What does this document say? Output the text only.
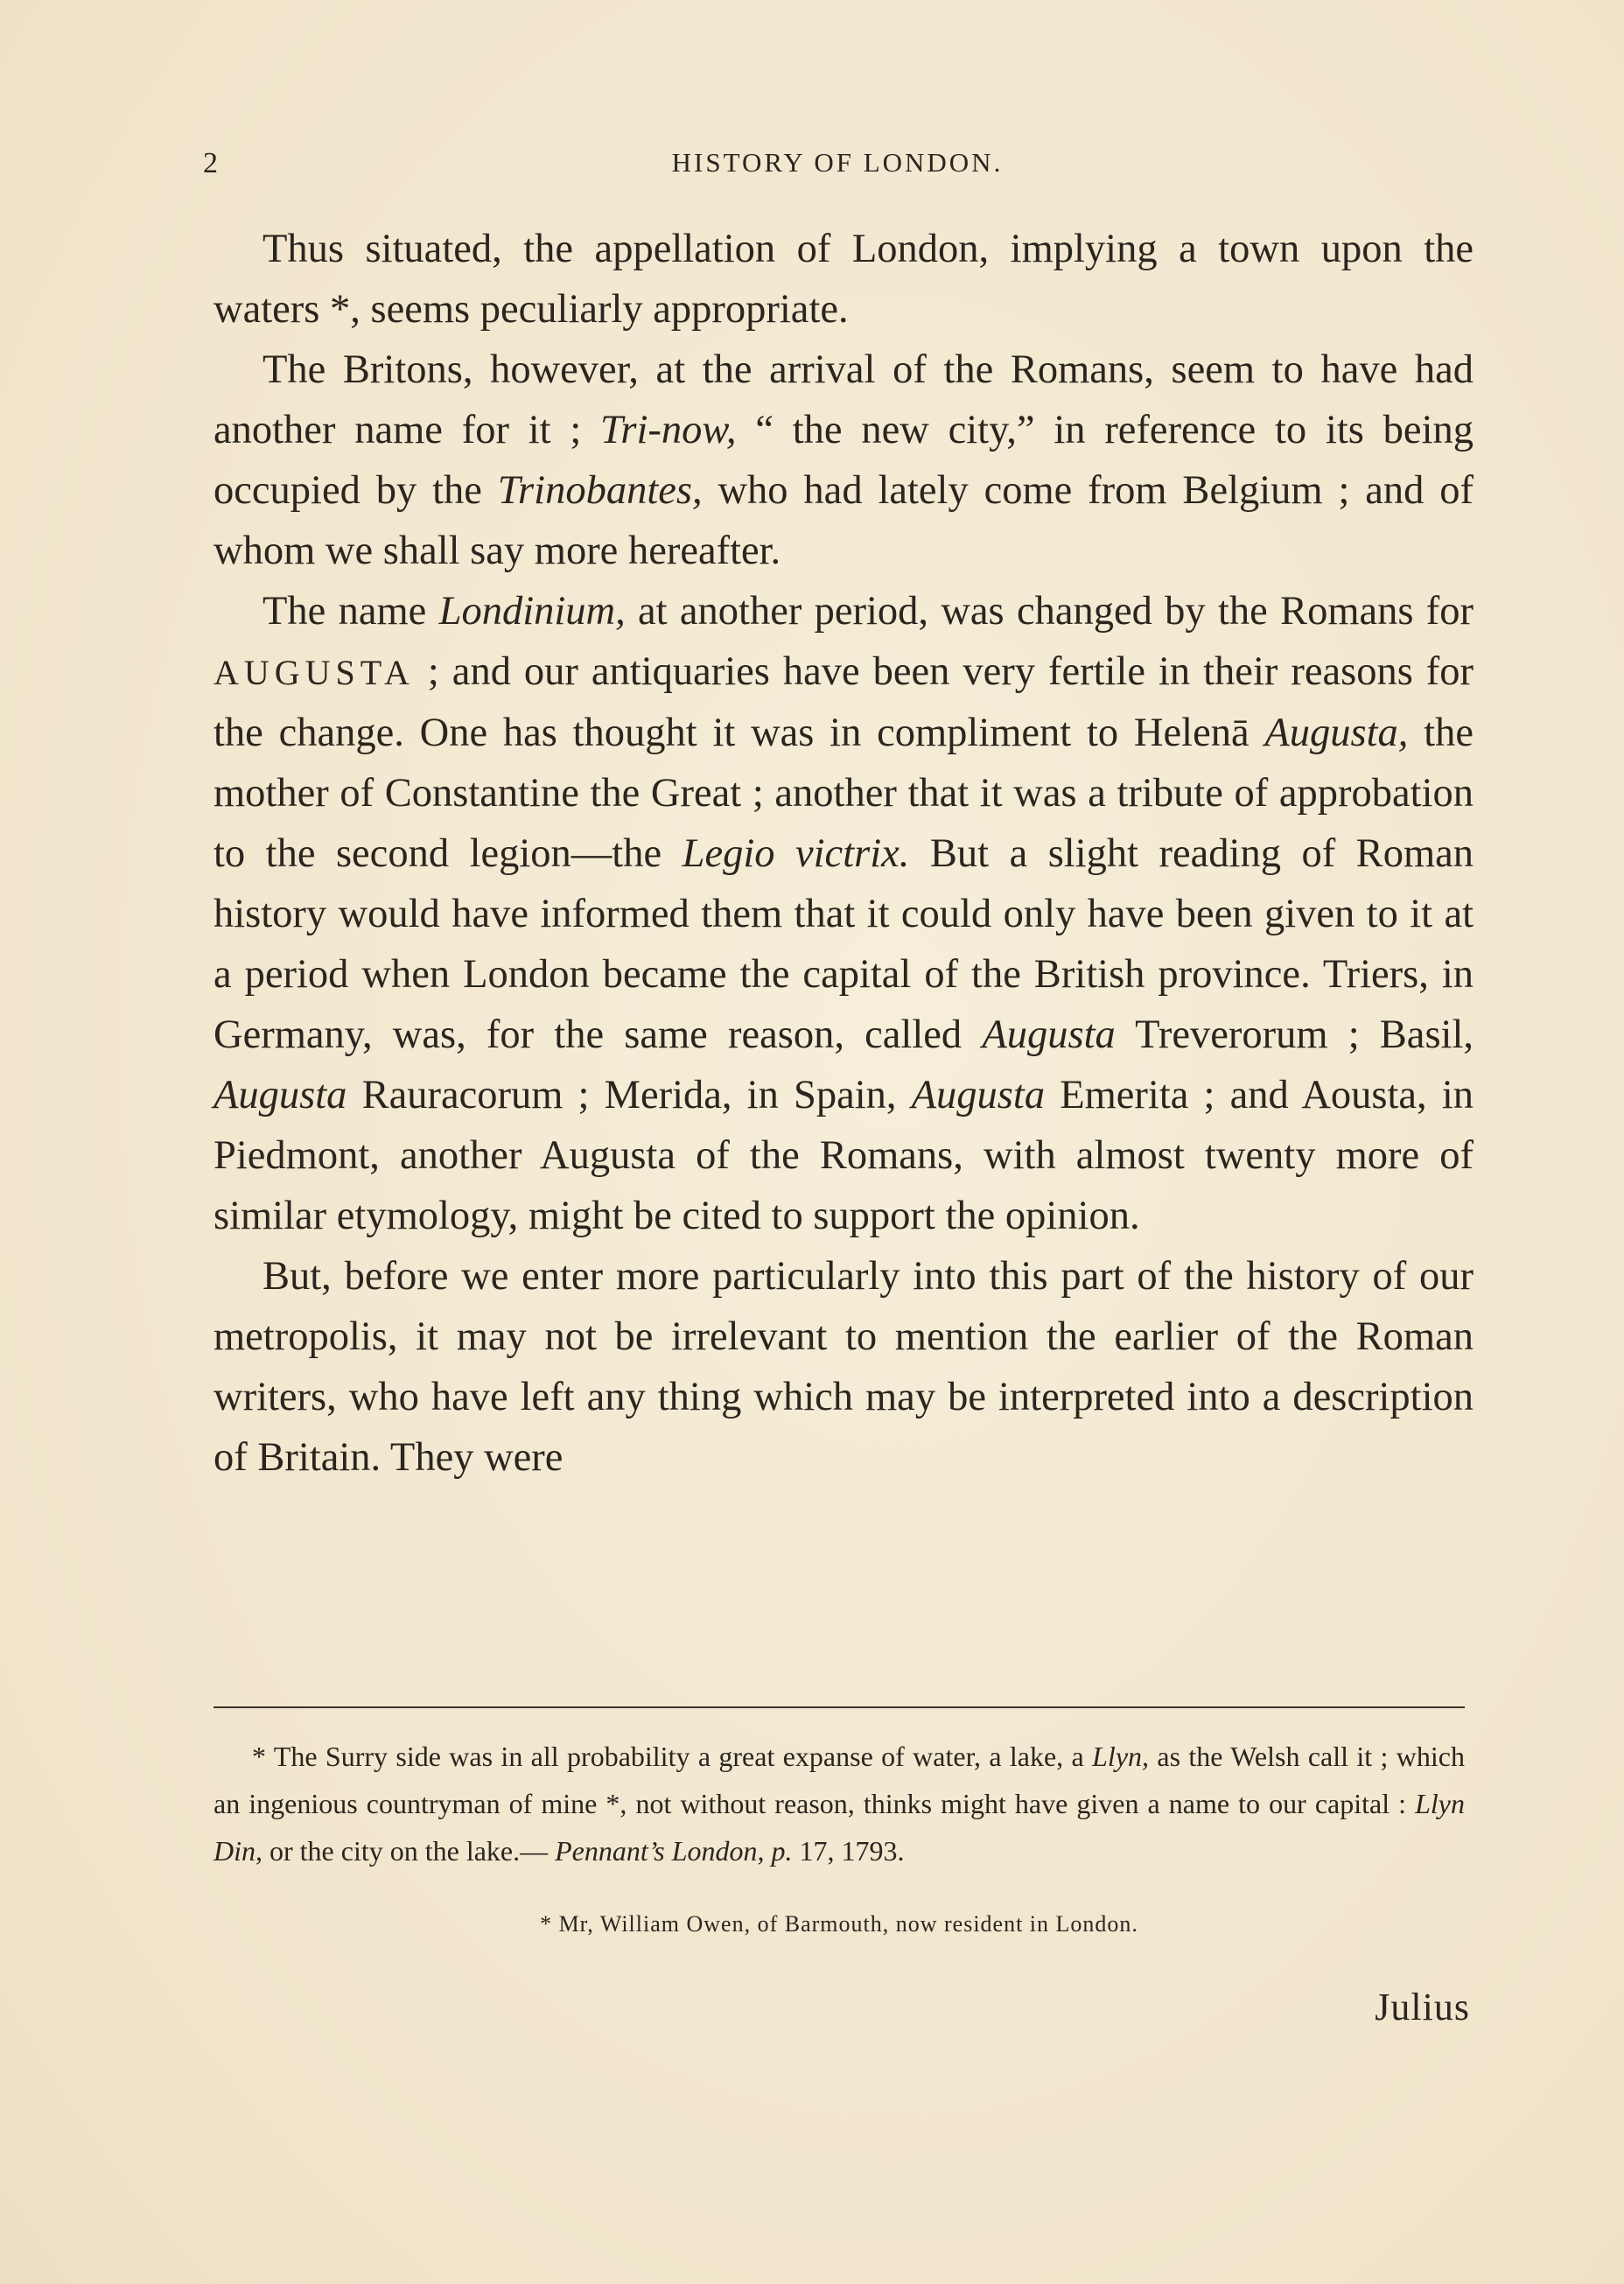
2	HISTORY OF LONDON.

Thus situated, the appellation of London, implying a town upon the waters *, seems peculiarly appropriate.

The Britons, however, at the arrival of the Romans, seem to have had another name for it ; Tri-now, “ the new city,” in reference to its being occupied by the Trinobantes, who had lately come from Belgium ; and of whom we shall say more hereafter.

The name Londinium, at another period, was changed by the Romans for AUGUSTA ; and our antiquaries have been very fertile in their reasons for the change. One has thought it was in compliment to Helenā Augusta, the mother of Constantine the Great ; another that it was a tribute of approbation to the second legion—the Legio victrix. But a slight reading of Roman history would have informed them that it could only have been given to it at a period when London became the capital of the British province. Triers, in Germany, was, for the same reason, called Augusta Treverorum ; Basil, Augusta Rauracorum ; Merida, in Spain, Augusta Emerita ; and Aousta, in Piedmont, another Augusta of the Romans, with almost twenty more of similar etymology, might be cited to support the opinion.

But, before we enter more particularly into this part of the history of our metropolis, it may not be irrelevant to mention the earlier of the Roman writers, who have left any thing which may be interpreted into a description of Britain. They were

* The Surry side was in all probability a great expanse of water, a lake, a Llyn, as the Welsh call it ; which an ingenious countryman of mine *, not without reason, thinks might have given a name to our capital : Llyn Din, or the city on the lake.— Pennant’s London, p. 17, 1793.

* Mr, William Owen, of Barmouth, now resident in London.

Julius
